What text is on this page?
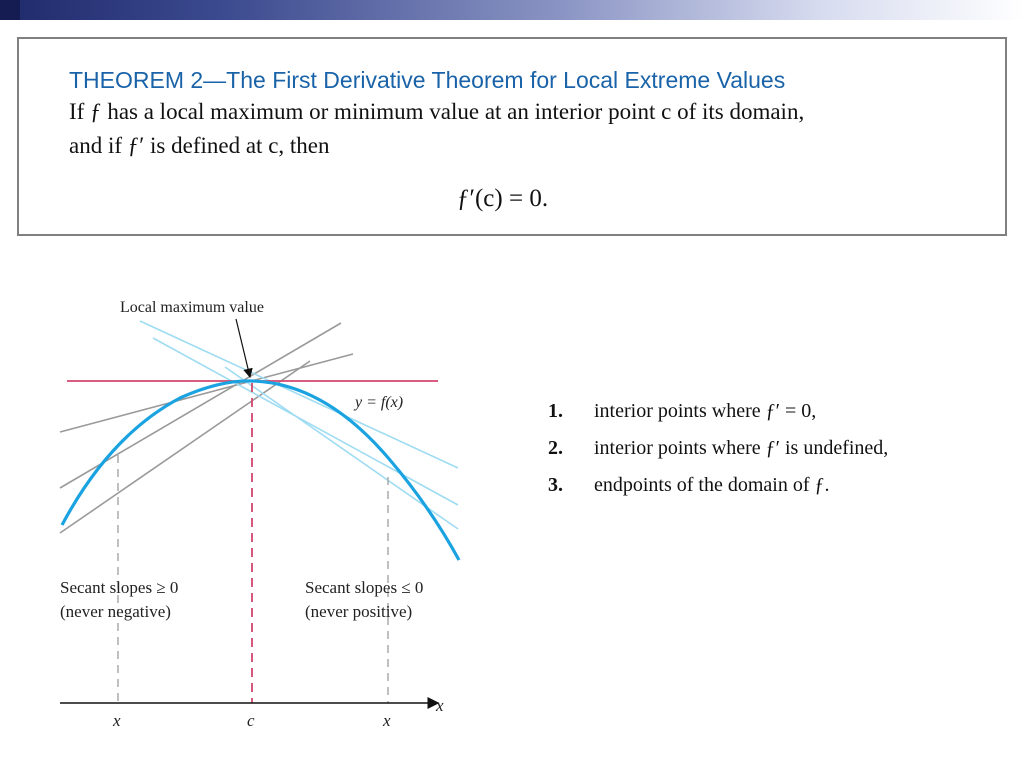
THEOREM 2—The First Derivative Theorem for Local Extreme Values
If ƒ has a local maximum or minimum value at an interior point c of its domain,
and if ƒ′ is defined at c, then
ƒ′(c) = 0.
Local maximum value
y = f(x)
Secant slopes ≥ 0
(never negative)
Secant slopes ≤ 0
(never positive)
x
x	c	x
1. interior points where ƒ′ = 0,
2. interior points where ƒ′ is undefined,
3. endpoints of the domain of ƒ.
